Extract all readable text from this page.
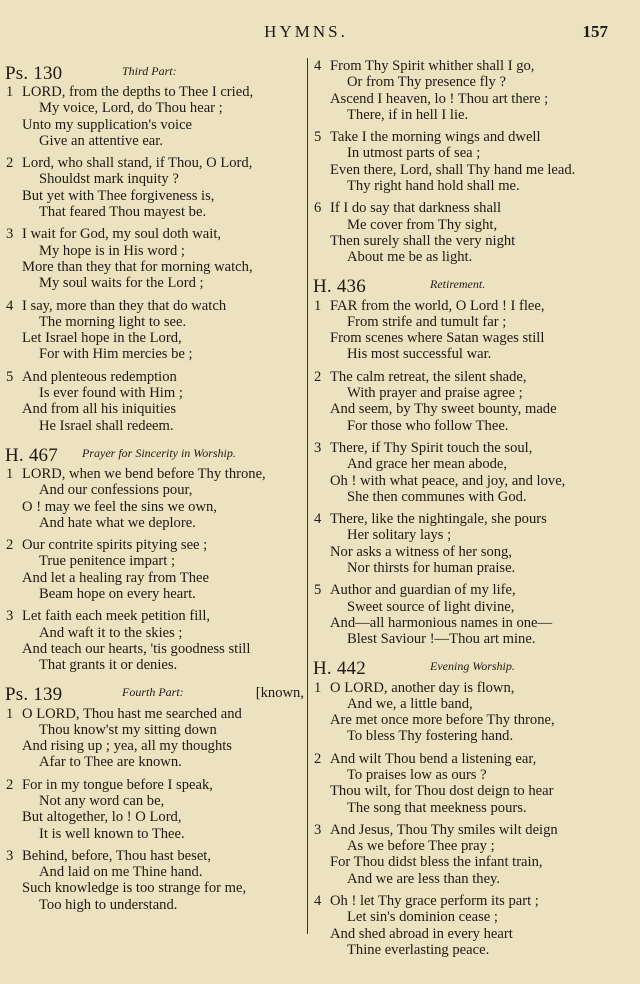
HYMNS.	157
Ps. 130	Third Part:
1 LORD, from the depths to Thee I cried,
My voice, Lord, do Thou hear ;
Unto my supplication's voice
Give an attentive ear.
2 Lord, who shall stand, if Thou, O Lord,
Shouldst mark inquity ?
But yet with Thee forgiveness is,
That feared Thou mayest be.
3 I wait for God, my soul doth wait,
My hope is in His word ;
More than they that for morning watch,
My soul waits for the Lord ;
4 I say, more than they that do watch
The morning light to see.
Let Israel hope in the Lord,
For with Him mercies be ;
5 And plenteous redemption
Is ever found with Him ;
And from all his iniquities
He Israel shall redeem.
H. 467 Prayer for Sincerity in Worship.
1 LORD, when we bend before Thy throne,
And our confessions pour,
O ! may we feel the sins we own,
And hate what we deplore.
2 Our contrite spirits pitying see ;
True penitence impart ;
And let a healing ray from Thee
Beam hope on every heart.
3 Let faith each meek petition fill,
And waft it to the skies ;
And teach our hearts, 'tis goodness still
That grants it or denies.
Ps. 139	Fourth Part:	[known,
1 O LORD, Thou hast me searched and
Thou know'st my sitting down
And rising up ; yea, all my thoughts
Afar to Thee are known.
2 For in my tongue before I speak,
Not any word can be,
But altogether, lo ! O Lord,
It is well known to Thee.
3 Behind, before, Thou hast beset,
And laid on me Thine hand.
Such knowledge is too strange for me,
Too high to understand.
4 From Thy Spirit whither shall I go,
Or from Thy presence fly ?
Ascend I heaven, lo ! Thou art there ;
There, if in hell I lie.
5 Take I the morning wings and dwell
In utmost parts of sea ;
Even there, Lord, shall Thy hand me lead.
Thy right hand hold shall me.
6 If I do say that darkness shall
Me cover from Thy sight,
Then surely shall the very night
About me be as light.
H. 436	Retirement.
1 FAR from the world, O Lord ! I flee,
From strife and tumult far ;
From scenes where Satan wages still
His most successful war.
2 The calm retreat, the silent shade,
With prayer and praise agree ;
And seem, by Thy sweet bounty, made
For those who follow Thee.
3 There, if Thy Spirit touch the soul,
And grace her mean abode,
Oh ! with what peace, and joy, and love,
She then communes with God.
4 There, like the nightingale, she pours
Her solitary lays ;
Nor asks a witness of her song,
Nor thirsts for human praise.
5 Author and guardian of my life,
Sweet source of light divine,
And—all harmonious names in one—
Blest Saviour !—Thou art mine.
H. 442	Evening Worship.
1 O LORD, another day is flown,
And we, a little band,
Are met once more before Thy throne,
To bless Thy fostering hand.
2 And wilt Thou bend a listening ear,
To praises low as ours ?
Thou wilt, for Thou dost deign to hear
The song that meekness pours.
3 And Jesus, Thou Thy smiles wilt deign
As we before Thee pray ;
For Thou didst bless the infant train,
And we are less than they.
4 Oh ! let Thy grace perform its part ;
Let sin's dominion cease ;
And shed abroad in every heart
Thine everlasting peace.
